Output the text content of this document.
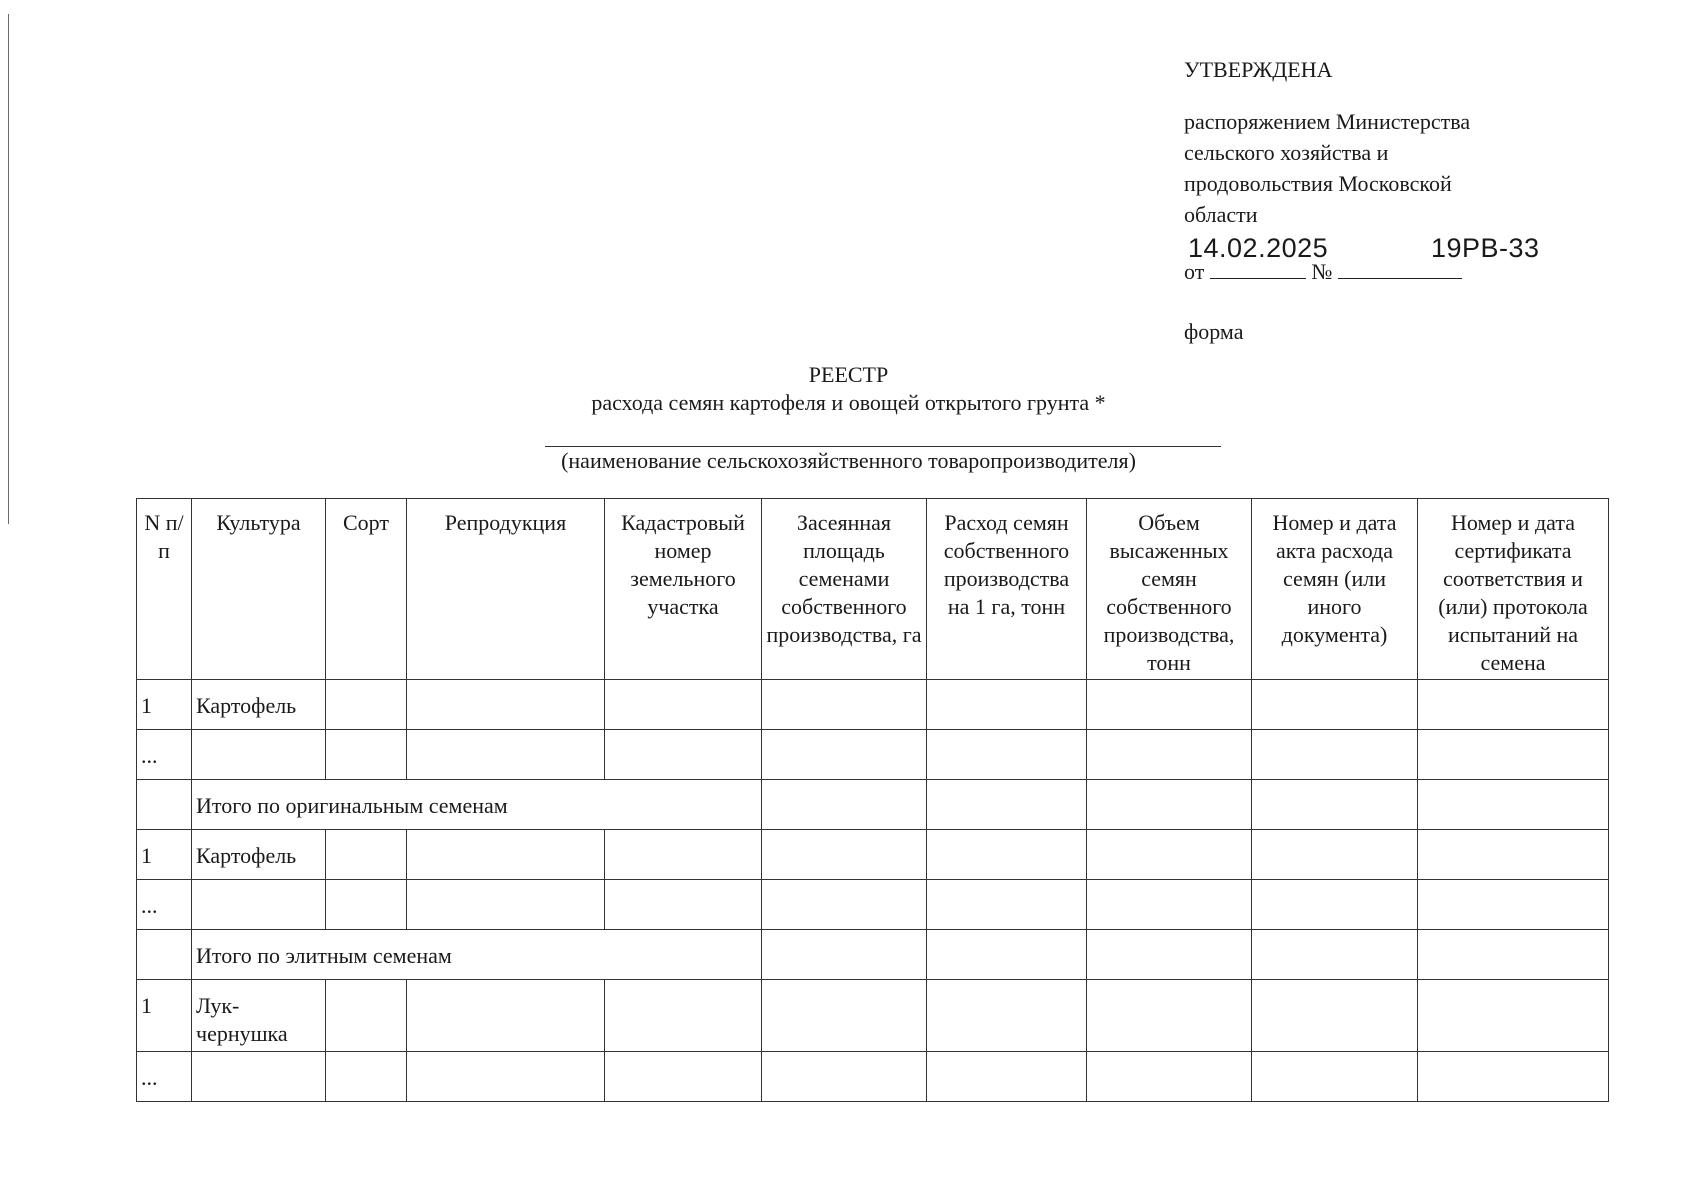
УТВЕРЖДЕНА
распоряжением Министерства
сельского хозяйства и
продовольствия Московской
области
14.02.2025	19РВ-33
от	№
форма
РЕЕСТР
расхода семян картофеля и овощей открытого грунта *
(наименование сельскохозяйственного товаропроизводителя)
N п/п	Культура	Сорт	Репродукция	Кадастровый номер земельного участка	Засеянная площадь семенами собственного производства, га	Расход семян собственного производства на 1 га, тонн	Объем высаженных семян собственного производства, тонн	Номер и дата акта расхода семян (или иного документа)	Номер и дата сертификата соответствия и (или) протокола испытаний на семена
1	Картофель								
...									
	Итого по оригинальным семенам								
1	Картофель								
...									
	Итого по элитным семенам								
1	Лук-чернушка								
...									
